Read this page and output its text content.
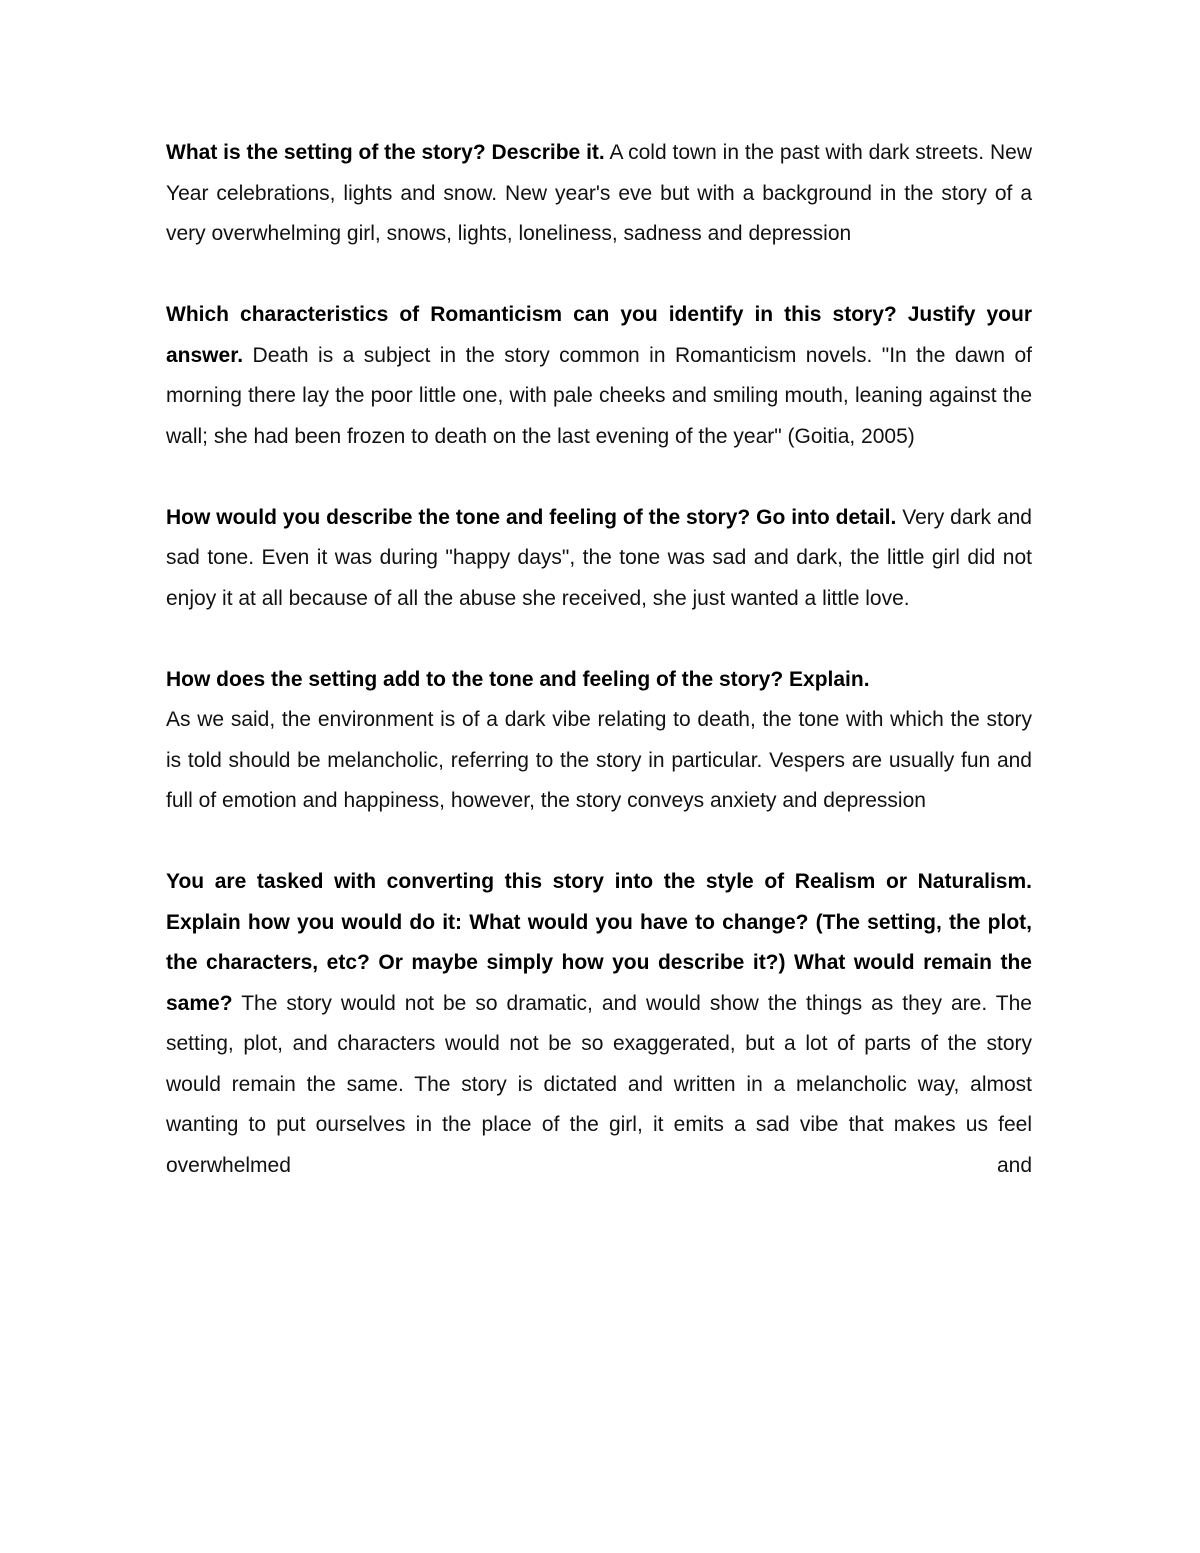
What is the setting of the story? Describe it. A cold town in the past with dark streets. New Year celebrations, lights and snow. New year's eve but with a background in the story of a very overwhelming girl, snows, lights, loneliness, sadness and depression

Which characteristics of Romanticism can you identify in this story? Justify your answer. Death is a subject in the story common in Romanticism novels. "In the dawn of morning there lay the poor little one, with pale cheeks and smiling mouth, leaning against the wall; she had been frozen to death on the last evening of the year" (Goitia, 2005)

How would you describe the tone and feeling of the story? Go into detail. Very dark and sad tone. Even it was during "happy days", the tone was sad and dark, the little girl did not enjoy it at all because of all the abuse she received, she just wanted a little love.

How does the setting add to the tone and feeling of the story? Explain.
As we said, the environment is of a dark vibe relating to death, the tone with which the story is told should be melancholic, referring to the story in particular. Vespers are usually fun and full of emotion and happiness, however, the story conveys anxiety and depression

You are tasked with converting this story into the style of Realism or Naturalism. Explain how you would do it: What would you have to change? (The setting, the plot, the characters, etc? Or maybe simply how you describe it?) What would remain the same? The story would not be so dramatic, and would show the things as they are. The setting, plot, and characters would not be so exaggerated, but a lot of parts of the story would remain the same. The story is dictated and written in a melancholic way, almost wanting to put ourselves in the place of the girl, it emits a sad vibe that makes us feel overwhelmed and
